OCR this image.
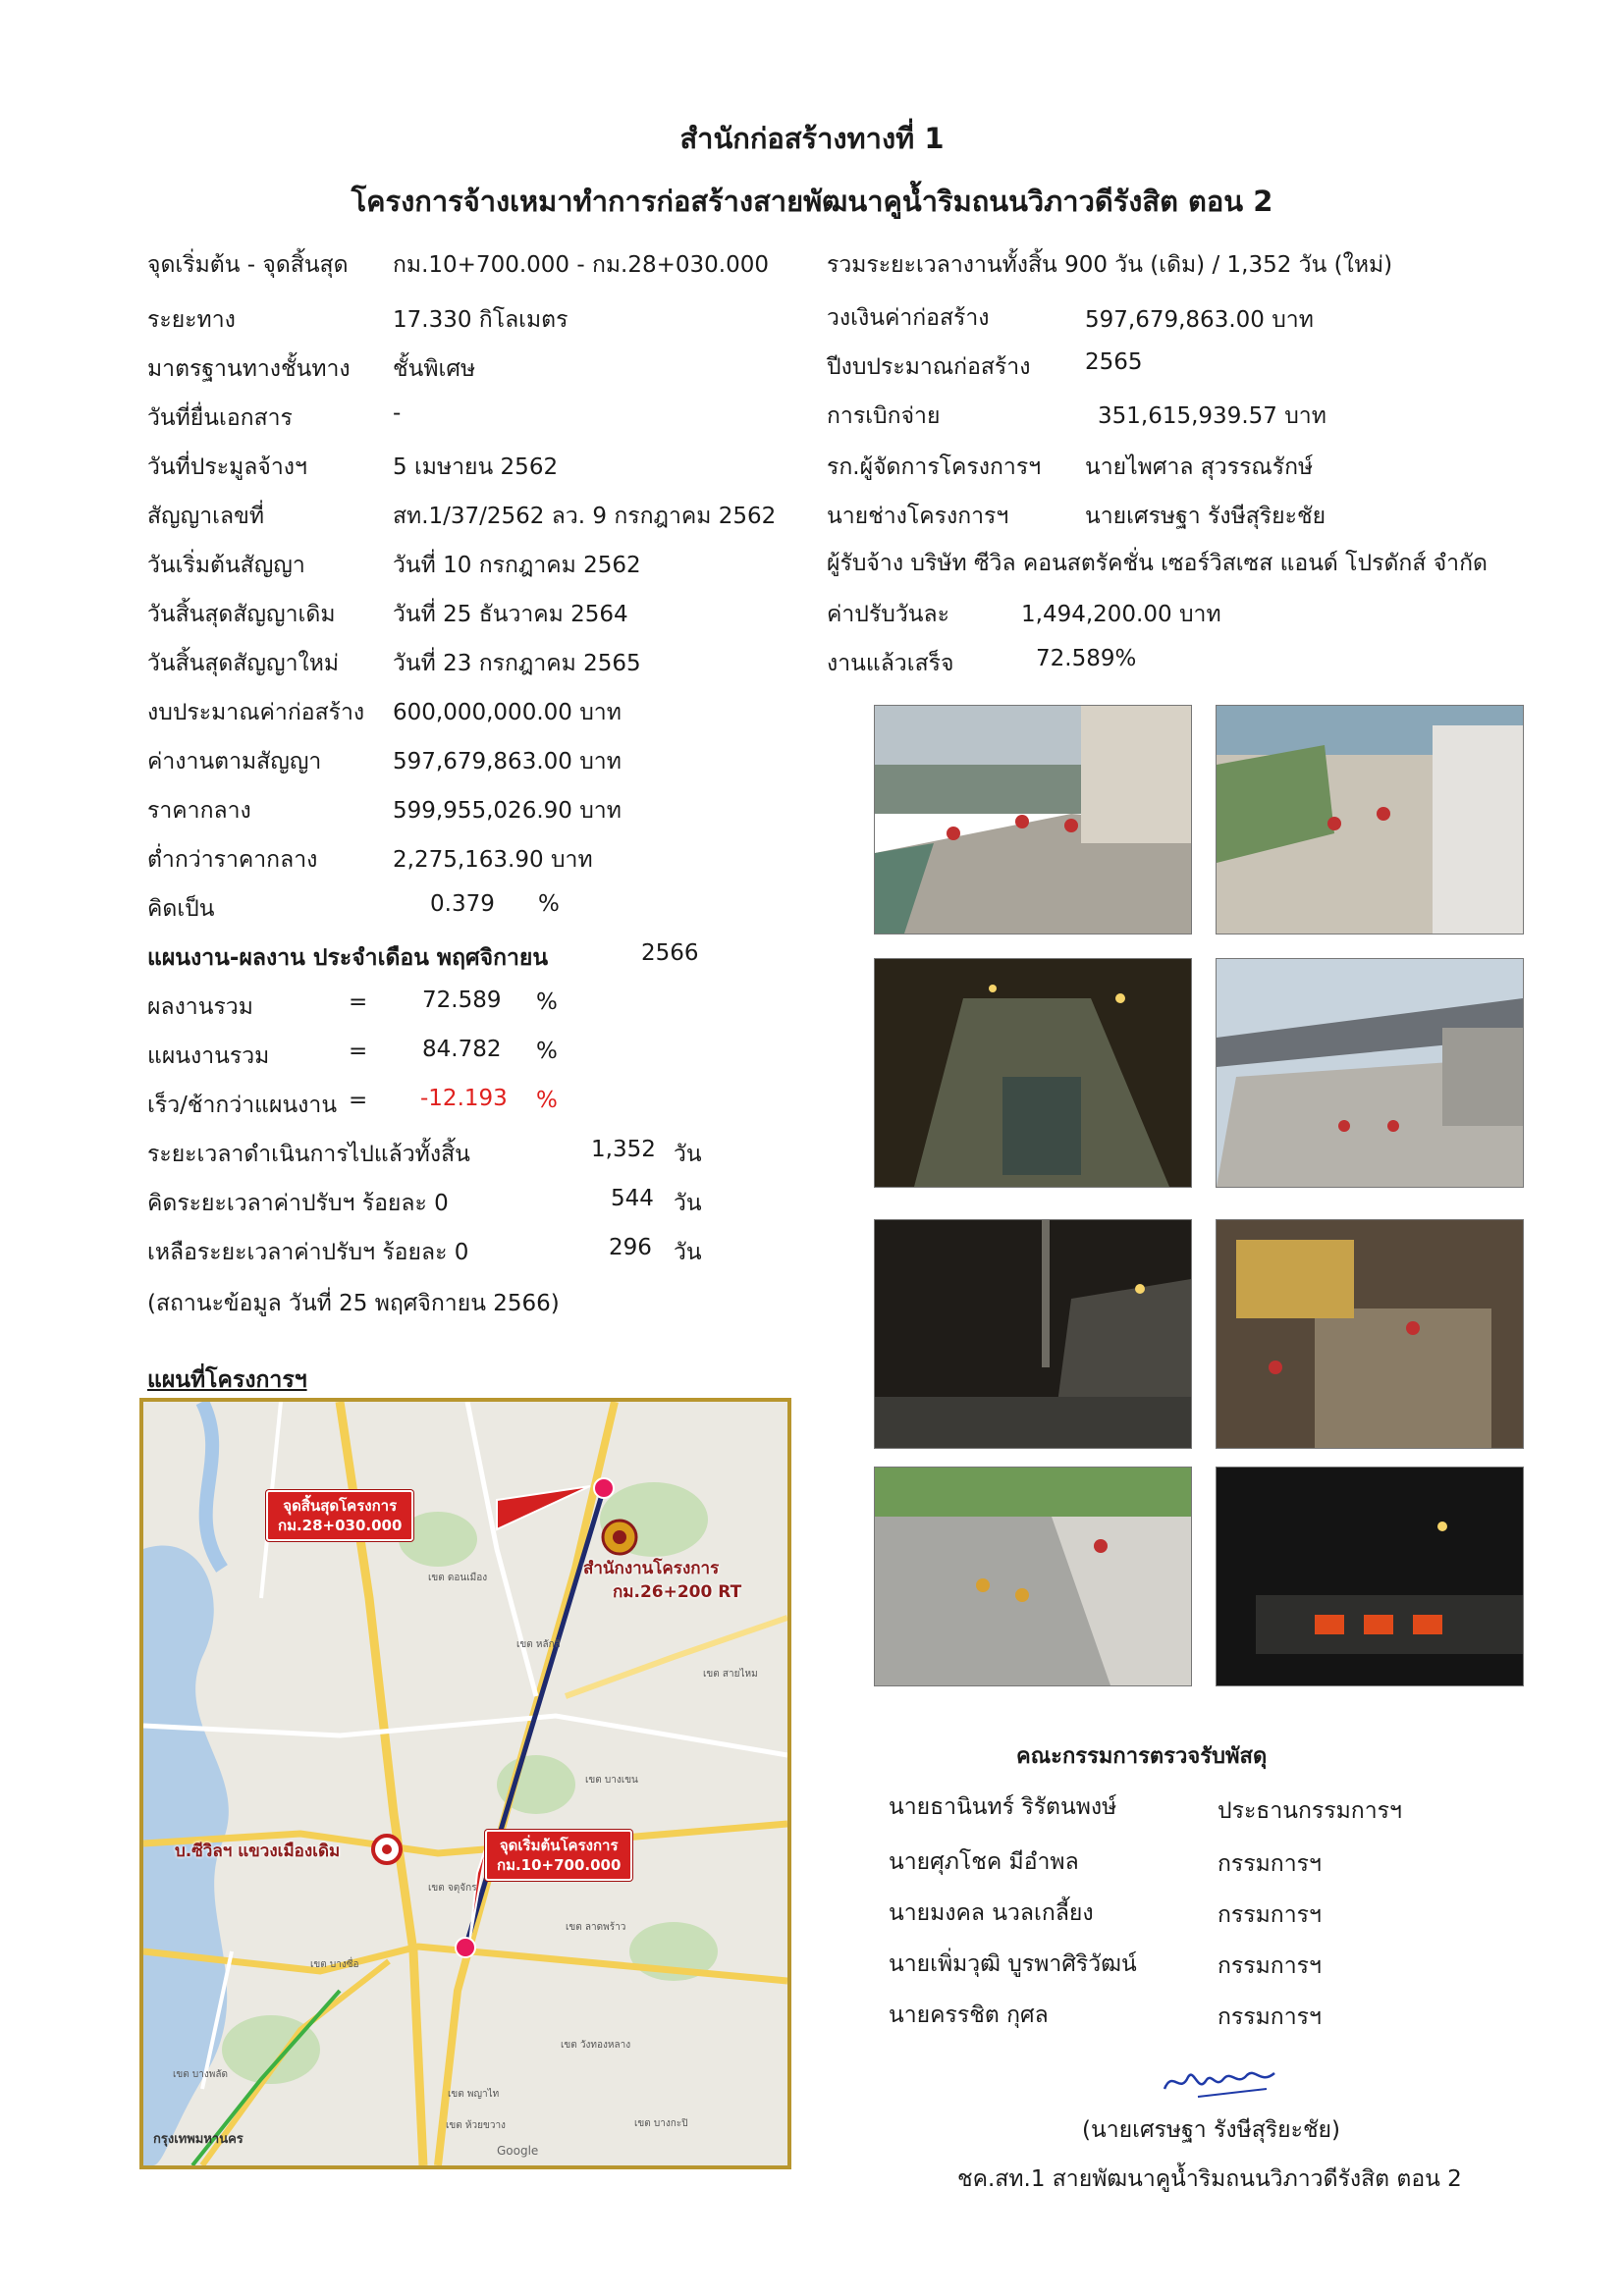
สำนักก่อสร้างทางที่ 1
โครงการจ้างเหมาทำการก่อสร้างสายพัฒนาคูน้ำริมถนนวิภาวดีรังสิต ตอน 2
จุดเริ่มต้น - จุดสิ้นสุด กม.10+700.000 - กม.28+030.000
ระยะทาง	17.330 กิโลเมตร
มาตรฐานทางชั้นทาง ชั้นพิเศษ
วันที่ยื่นเอกสาร	-
วันที่ประมูลจ้างฯ	5 เมษายน 2562
สัญญาเลขที่	สท.1/37/2562 ลว. 9 กรกฎาคม 2562
วันเริ่มต้นสัญญา	วันที่ 10 กรกฎาคม 2562
วันสิ้นสุดสัญญาเดิม	วันที่ 25 ธันวาคม 2564
วันสิ้นสุดสัญญาใหม่ วันที่ 23 กรกฎาคม 2565
งบประมาณค่าก่อสร้าง 600,000,000.00 บาท
ค่างานตามสัญญา	597,679,863.00 บาท
ราคากลาง	599,955,026.90 บาท
ต่ำกว่าราคากลาง	2,275,163.90 บาท
คิดเป็น	0.379 %
รวมระยะเวลางานทั้งสิ้น 900 วัน (เดิม) / 1,352 วัน (ใหม่)
วงเงินค่าก่อสร้าง	597,679,863.00 บาท
ปีงบประมาณก่อสร้าง 2565
การเบิกจ่าย	351,615,939.57 บาท
รก.ผู้จัดการโครงการฯ นายไพศาล สุวรรณรักษ์
นายช่างโครงการฯ	นายเศรษฐา รังษีสุริยะชัย
ผู้รับจ้าง บริษัท ซีวิล คอนสตรัคชั่น เซอร์วิสเซส แอนด์ โปรดักส์ จำกัด
ค่าปรับวันละ	1,494,200.00 บาท
งานแล้วเสร็จ	72.589%
แผนงาน-ผลงาน ประจำเดือน พฤศจิกายน	2566
ผลงานรวม	= 72.589 %
แผนงานรวม	= 84.782 %
เร็ว/ช้ากว่าแผนงาน = -12.193 %
ระยะเวลาดำเนินการไปแล้วทั้งสิ้น	1,352 วัน
คิดระยะเวลาค่าปรับฯ ร้อยละ 0	544 วัน
เหลือระยะเวลาค่าปรับฯ ร้อยละ 0	296 วัน
(สถานะข้อมูล วันที่ 25 พฤศจิกายน 2566)
แผนที่โครงการฯ
จุดสิ้นสุดโครงการ
กม.28+030.000
จุดเริ่มต้นโครงการ
กม.10+700.000
สำนักงานโครงการ
กม.26+200 RT
บ.ซีวิลฯ แขวงเมืองเดิม
เขต ดอนเมือง
เขต หลักสี่
เขต สายไหม
เขต บางเขน
เขต จตุจักร
เขต ลาดพร้าว
เขต บางซื่อ
เขต พญาไท
เขต บางพลัด
เขต วังทองหลาง
เขต ห้วยขวาง	เขต บางกะปิ
กรุงเทพมหานคร
Google
คณะกรรมการตรวจรับพัสดุ
นายธานินทร์ ริรัตนพงษ์	ประธานกรรมการฯ
นายศุภโชค มีอำพล	กรรมการฯ
นายมงคล นวลเกลี้ยง	กรรมการฯ
นายเพิ่มวุฒิ บูรพาศิริวัฒน์	กรรมการฯ
นายครรชิต กุศล	กรรมการฯ
(นายเศรษฐา รังษีสุริยะชัย)
ชค.สท.1 สายพัฒนาคูน้ำริมถนนวิภาวดีรังสิต ตอน 2
